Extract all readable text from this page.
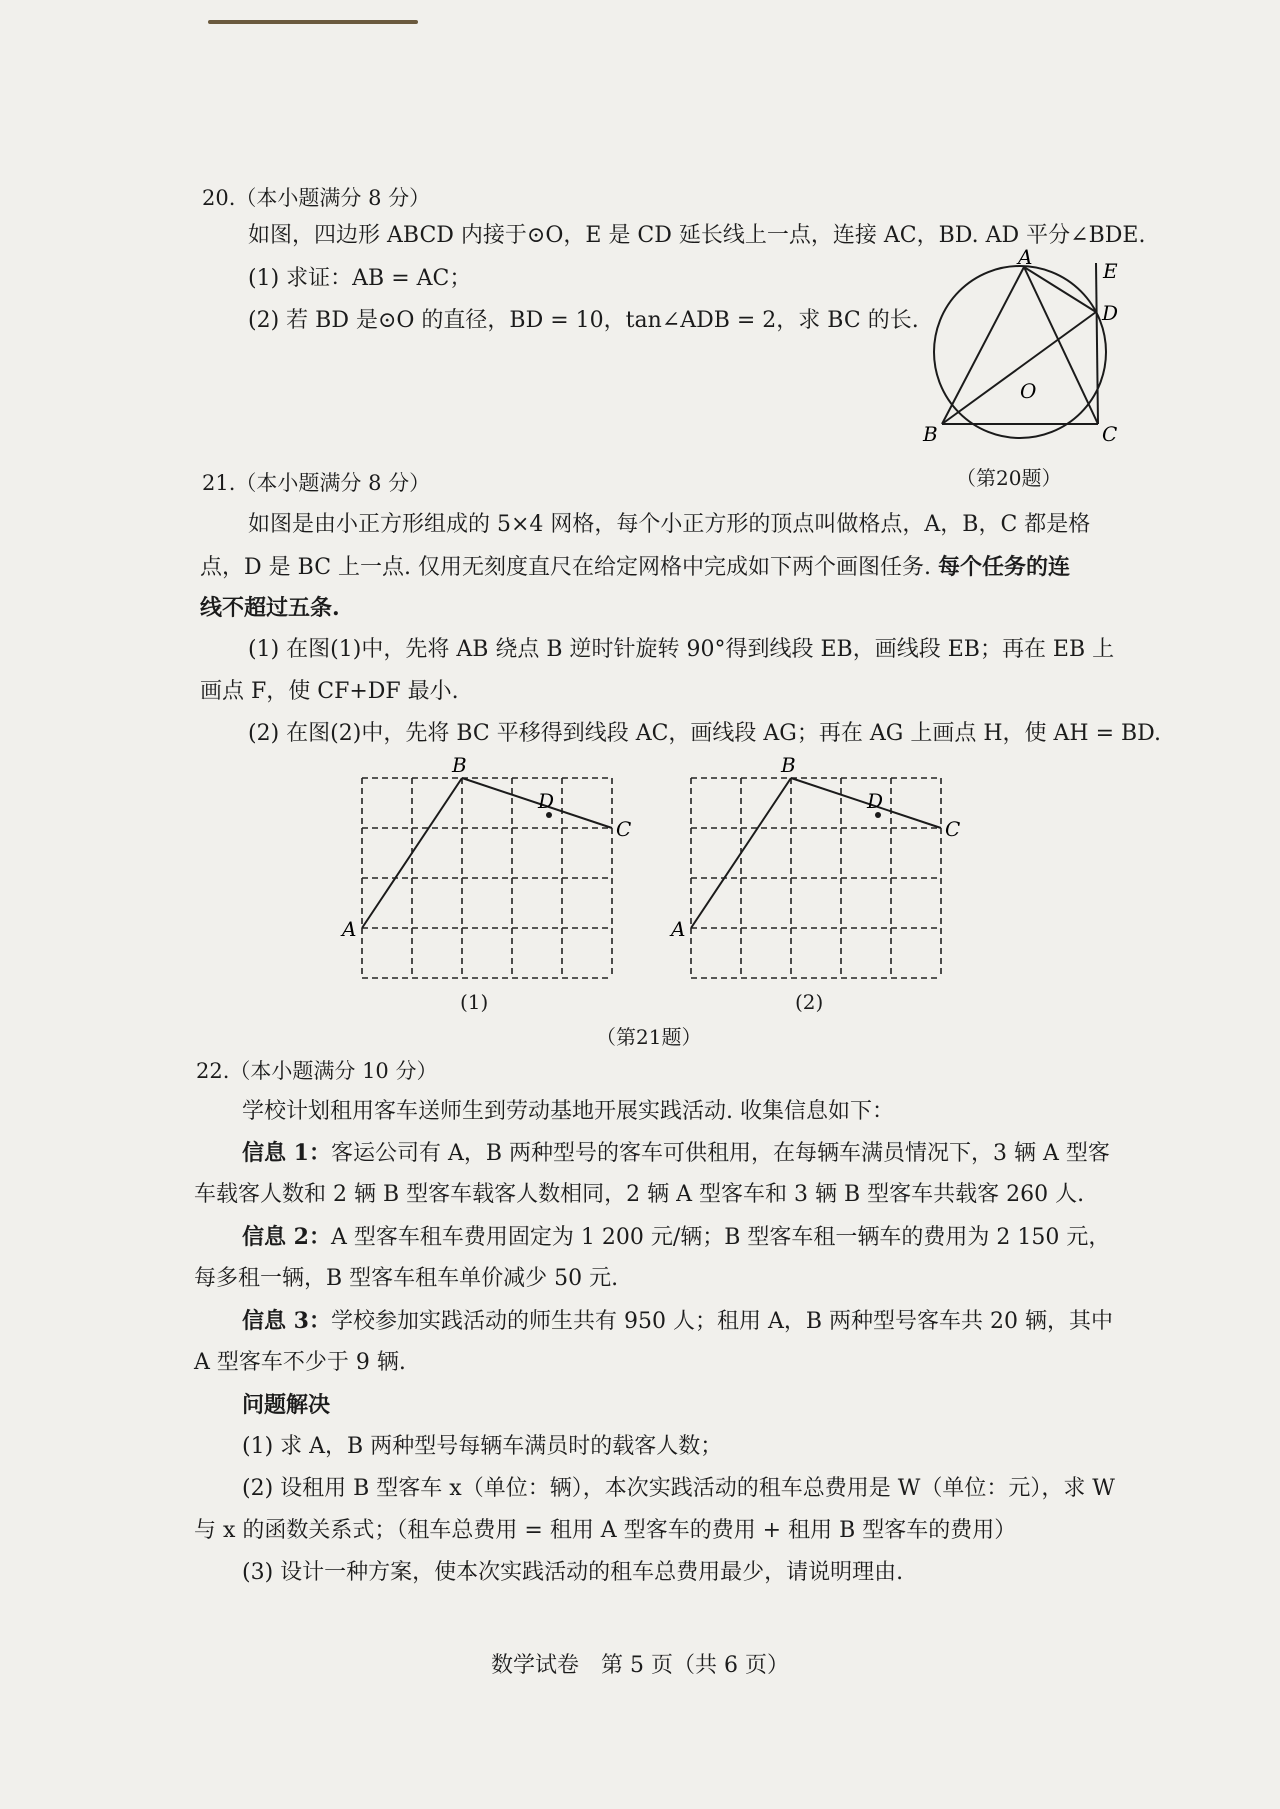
20.（本小题满分 8 分）
如图，四边形 ABCD 内接于⊙O，E 是 CD 延长线上一点，连接 AC，BD. AD 平分∠BDE.
(1) 求证：AB = AC；
(2) 若 BD 是⊙O 的直径，BD = 10，tan∠ADB = 2，求 BC 的长.
A
B	C
D
E
O
（第20题）
21.（本小题满分 8 分）
如图是由小正方形组成的 5×4 网格，每个小正方形的顶点叫做格点，A，B，C 都是格
点，D 是 BC 上一点. 仅用无刻度直尺在给定网格中完成如下两个画图任务. 每个任务的连
线不超过五条.
(1) 在图(1)中，先将 AB 绕点 B 逆时针旋转 90°得到线段 EB，画线段 EB；再在 EB 上
画点 F，使 CF+DF 最小.
(2) 在图(2)中，先将 BC 平移得到线段 AC，画线段 AG；再在 AG 上画点 H，使 AH = BD.
A
B
C
D
A
B
C
D
(1)	(2)
（第21题）
22.（本小题满分 10 分）
学校计划租用客车送师生到劳动基地开展实践活动. 收集信息如下：
信息 1：客运公司有 A，B 两种型号的客车可供租用，在每辆车满员情况下，3 辆 A 型客
车载客人数和 2 辆 B 型客车载客人数相同，2 辆 A 型客车和 3 辆 B 型客车共载客 260 人.
信息 2：A 型客车租车费用固定为 1 200 元/辆；B 型客车租一辆车的费用为 2 150 元，
每多租一辆，B 型客车租车单价减少 50 元.
信息 3：学校参加实践活动的师生共有 950 人；租用 A，B 两种型号客车共 20 辆，其中
A 型客车不少于 9 辆.
问题解决
(1) 求 A，B 两种型号每辆车满员时的载客人数；
(2) 设租用 B 型客车 x（单位：辆），本次实践活动的租车总费用是 W（单位：元），求 W
与 x 的函数关系式；（租车总费用 = 租用 A 型客车的费用 + 租用 B 型客车的费用）
(3) 设计一种方案，使本次实践活动的租车总费用最少，请说明理由.
数学试卷　第 5 页（共 6 页）
